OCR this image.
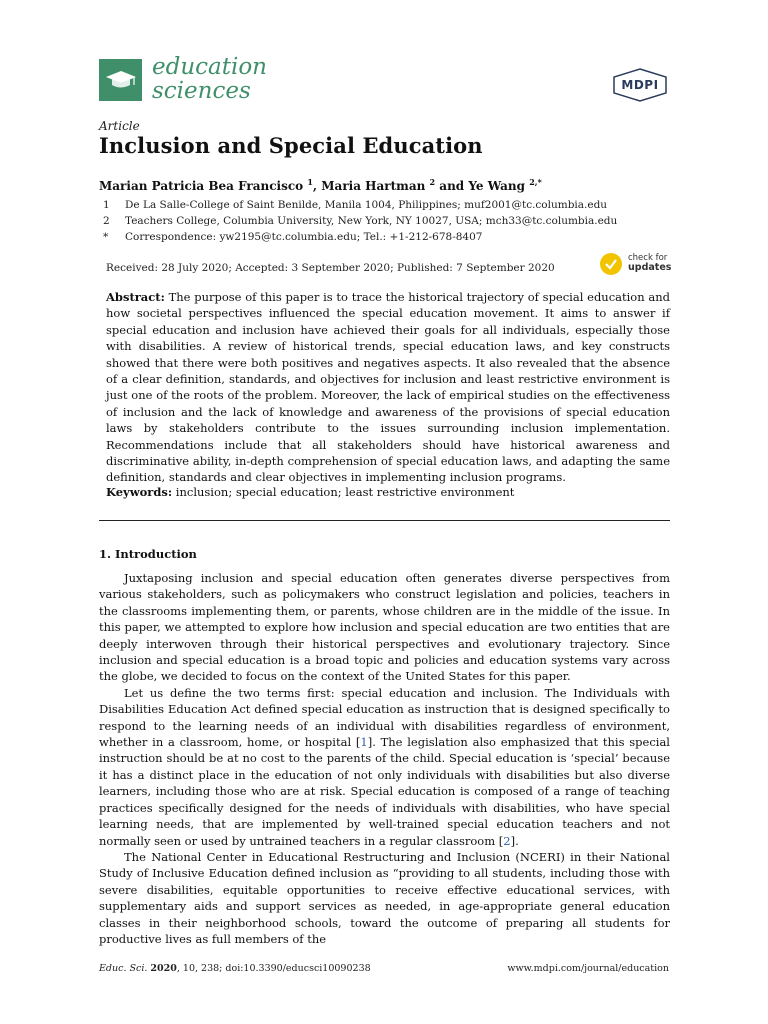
education
sciences	MDPI
Article
Inclusion and Special Education
Marian Patricia Bea Francisco $^1$, Maria Hartman $^2$ and Ye Wang $^{2,*}$
1 De La Salle-College of Saint Benilde, Manila 1004, Philippines; muf2001@tc.columbia.edu
2 Teachers College, Columbia University, New York, NY 10027, USA; mch33@tc.columbia.edu
* Correspondence: yw2195@tc.columbia.edu; Tel.: +1-212-678-8407
Received: 28 July 2020; Accepted: 3 September 2020; Published: 7 September 2020
check for
updates
Abstract: The purpose of this paper is to trace the historical trajectory of special education and how societal perspectives influenced the special education movement. It aims to answer if special education and inclusion have achieved their goals for all individuals, especially those with disabilities. A review of historical trends, special education laws, and key constructs showed that there were both positives and negatives aspects. It also revealed that the absence of a clear definition, standards, and objectives for inclusion and least restrictive environment is just one of the roots of the problem. Moreover, the lack of empirical studies on the effectiveness of inclusion and the lack of knowledge and awareness of the provisions of special education laws by stakeholders contribute to the issues surrounding inclusion implementation. Recommendations include that all stakeholders should have historical awareness and discriminative ability, in-depth comprehension of special education laws, and adapting the same definition, standards and clear objectives in implementing inclusion programs.
Keywords: inclusion; special education; least restrictive environment
1. Introduction

Juxtaposing inclusion and special education often generates diverse perspectives from various stakeholders, such as policymakers who construct legislation and policies, teachers in the classrooms implementing them, or parents, whose children are in the middle of the issue. In this paper, we attempted to explore how inclusion and special education are two entities that are deeply interwoven through their historical perspectives and evolutionary trajectory. Since inclusion and special education is a broad topic and policies and education systems vary across the globe, we decided to focus on the context of the United States for this paper.

Let us define the two terms first: special education and inclusion. The Individuals with Disabilities Education Act defined special education as instruction that is designed specifically to respond to the learning needs of an individual with disabilities regardless of environment, whether in a classroom, home, or hospital [1]. The legislation also emphasized that this special instruction should be at no cost to the parents of the child. Special education is ‘special’ because it has a distinct place in the education of not only individuals with disabilities but also diverse learners, including those who are at risk. Special education is composed of a range of teaching practices specifically designed for the needs of individuals with disabilities, who have special learning needs, that are implemented by well-trained special education teachers and not normally seen or used by untrained teachers in a regular classroom [2].

The National Center in Educational Restructuring and Inclusion (NCERI) in their National Study of Inclusive Education defined inclusion as “providing to all students, including those with severe disabilities, equitable opportunities to receive effective educational services, with supplementary aids and support services as needed, in age-appropriate general education classes in their neighborhood schools, toward the outcome of preparing all students for productive lives as full members of the

Educ. Sci. 2020, 10, 238; doi:10.3390/educsci10090238	www.mdpi.com/journal/education
